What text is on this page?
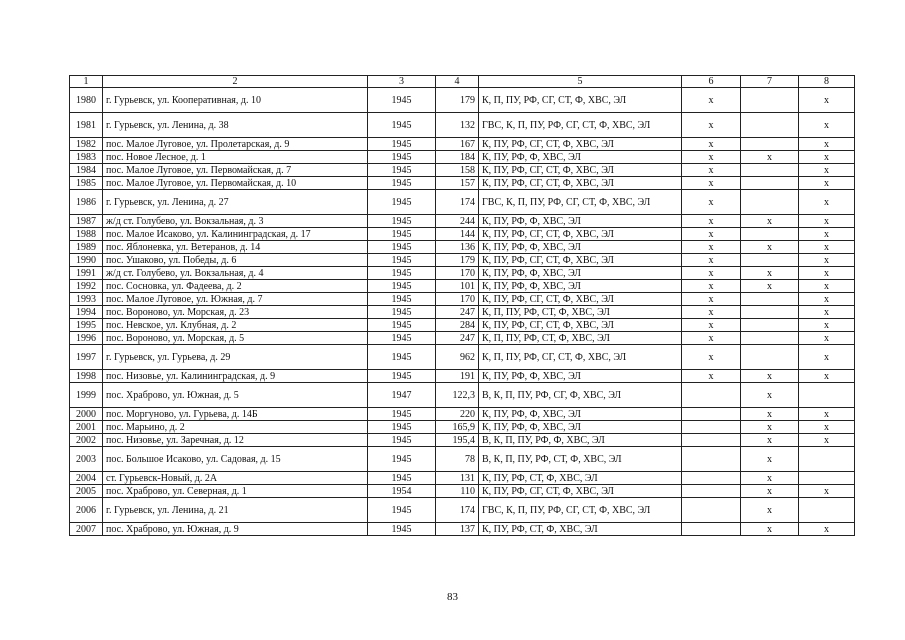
1	2	3	4	5	6	7	8
1980	г. Гурьевск, ул. Кооперативная, д. 10	1945	179	К, П, ПУ, РФ, СГ, СТ, Ф, ХВС, ЭЛ	х		х
1981	г. Гурьевск, ул. Ленина, д. 38	1945	132	ГВС, К, П, ПУ, РФ, СГ, СТ, Ф, ХВС, ЭЛ	х		х
1982	пос. Малое Луговое, ул. Пролетарская, д. 9	1945	167	К, ПУ, РФ, СГ, СТ, Ф, ХВС, ЭЛ	х		х
1983	пос. Новое Лесное, д. 1	1945	184	К, ПУ, РФ, Ф, ХВС, ЭЛ	х	х	х
1984	пос. Малое Луговое, ул. Первомайская, д. 7	1945	158	К, ПУ, РФ, СГ, СТ, Ф, ХВС, ЭЛ	х		х
1985	пос. Малое Луговое, ул. Первомайская, д. 10	1945	157	К, ПУ, РФ, СГ, СТ, Ф, ХВС, ЭЛ	х		х
1986	г. Гурьевск, ул. Ленина, д. 27	1945	174	ГВС, К, П, ПУ, РФ, СГ, СТ, Ф, ХВС, ЭЛ	х		х
1987	ж/д ст. Голубево, ул. Вокзальная, д. 3	1945	244	К, ПУ, РФ, Ф, ХВС, ЭЛ	х	х	х
1988	пос. Малое Исаково, ул. Калининградская, д. 17	1945	144	К, ПУ, РФ, СГ, СТ, Ф, ХВС, ЭЛ	х		х
1989	пос. Яблоневка, ул. Ветеранов, д. 14	1945	136	К, ПУ, РФ, Ф, ХВС, ЭЛ	х	х	х
1990	пос. Ушаково, ул. Победы, д. 6	1945	179	К, ПУ, РФ, СГ, СТ, Ф, ХВС, ЭЛ	х		х
1991	ж/д ст. Голубево, ул. Вокзальная, д. 4	1945	170	К, ПУ, РФ, Ф, ХВС, ЭЛ	х	х	х
1992	пос. Сосновка, ул. Фадеева, д. 2	1945	101	К, ПУ, РФ, Ф, ХВС, ЭЛ	х	х	х
1993	пос. Малое Луговое, ул. Южная, д. 7	1945	170	К, ПУ, РФ, СГ, СТ, Ф, ХВС, ЭЛ	х		х
1994	пос. Вороново, ул. Морская, д. 23	1945	247	К, П, ПУ, РФ, СТ, Ф, ХВС, ЭЛ	х		х
1995	пос. Невское, ул. Клубная, д. 2	1945	284	К, ПУ, РФ, СГ, СТ, Ф, ХВС, ЭЛ	х		х
1996	пос. Вороново, ул. Морская, д. 5	1945	247	К, П, ПУ, РФ, СТ, Ф, ХВС, ЭЛ	х		х
1997	г. Гурьевск, ул. Гурьева, д. 29	1945	962	К, П, ПУ, РФ, СГ, СТ, Ф, ХВС, ЭЛ	х		х
1998	пос. Низовье, ул. Калининградская, д. 9	1945	191	К, ПУ, РФ, Ф, ХВС, ЭЛ	х	х	х
1999	пос. Храброво, ул. Южная, д. 5	1947	122,3	В, К, П, ПУ, РФ, СГ, Ф, ХВС, ЭЛ		х	
2000	пос. Моргуново, ул. Гурьева, д. 14Б	1945	220	К, ПУ, РФ, Ф, ХВС, ЭЛ		х	х
2001	пос. Марьино, д. 2	1945	165,9	К, ПУ, РФ, Ф, ХВС, ЭЛ		х	х
2002	пос. Низовье, ул. Заречная, д. 12	1945	195,4	В, К, П, ПУ, РФ, Ф, ХВС, ЭЛ		х	х
2003	пос. Большое Исаково, ул. Садовая, д. 15	1945	78	В, К, П, ПУ, РФ, СТ, Ф, ХВС, ЭЛ		х	
2004	ст. Гурьевск-Новый, д. 2А	1945	131	К, ПУ, РФ, СТ, Ф, ХВС, ЭЛ		х	
2005	пос. Храброво, ул. Северная, д. 1	1954	110	К, ПУ, РФ, СГ, СТ, Ф, ХВС, ЭЛ		х	х
2006	г. Гурьевск, ул. Ленина, д. 21	1945	174	ГВС, К, П, ПУ, РФ, СГ, СТ, Ф, ХВС, ЭЛ		х	
2007	пос. Храброво, ул. Южная, д. 9	1945	137	К, ПУ, РФ, СТ, Ф, ХВС, ЭЛ		х	х
83
